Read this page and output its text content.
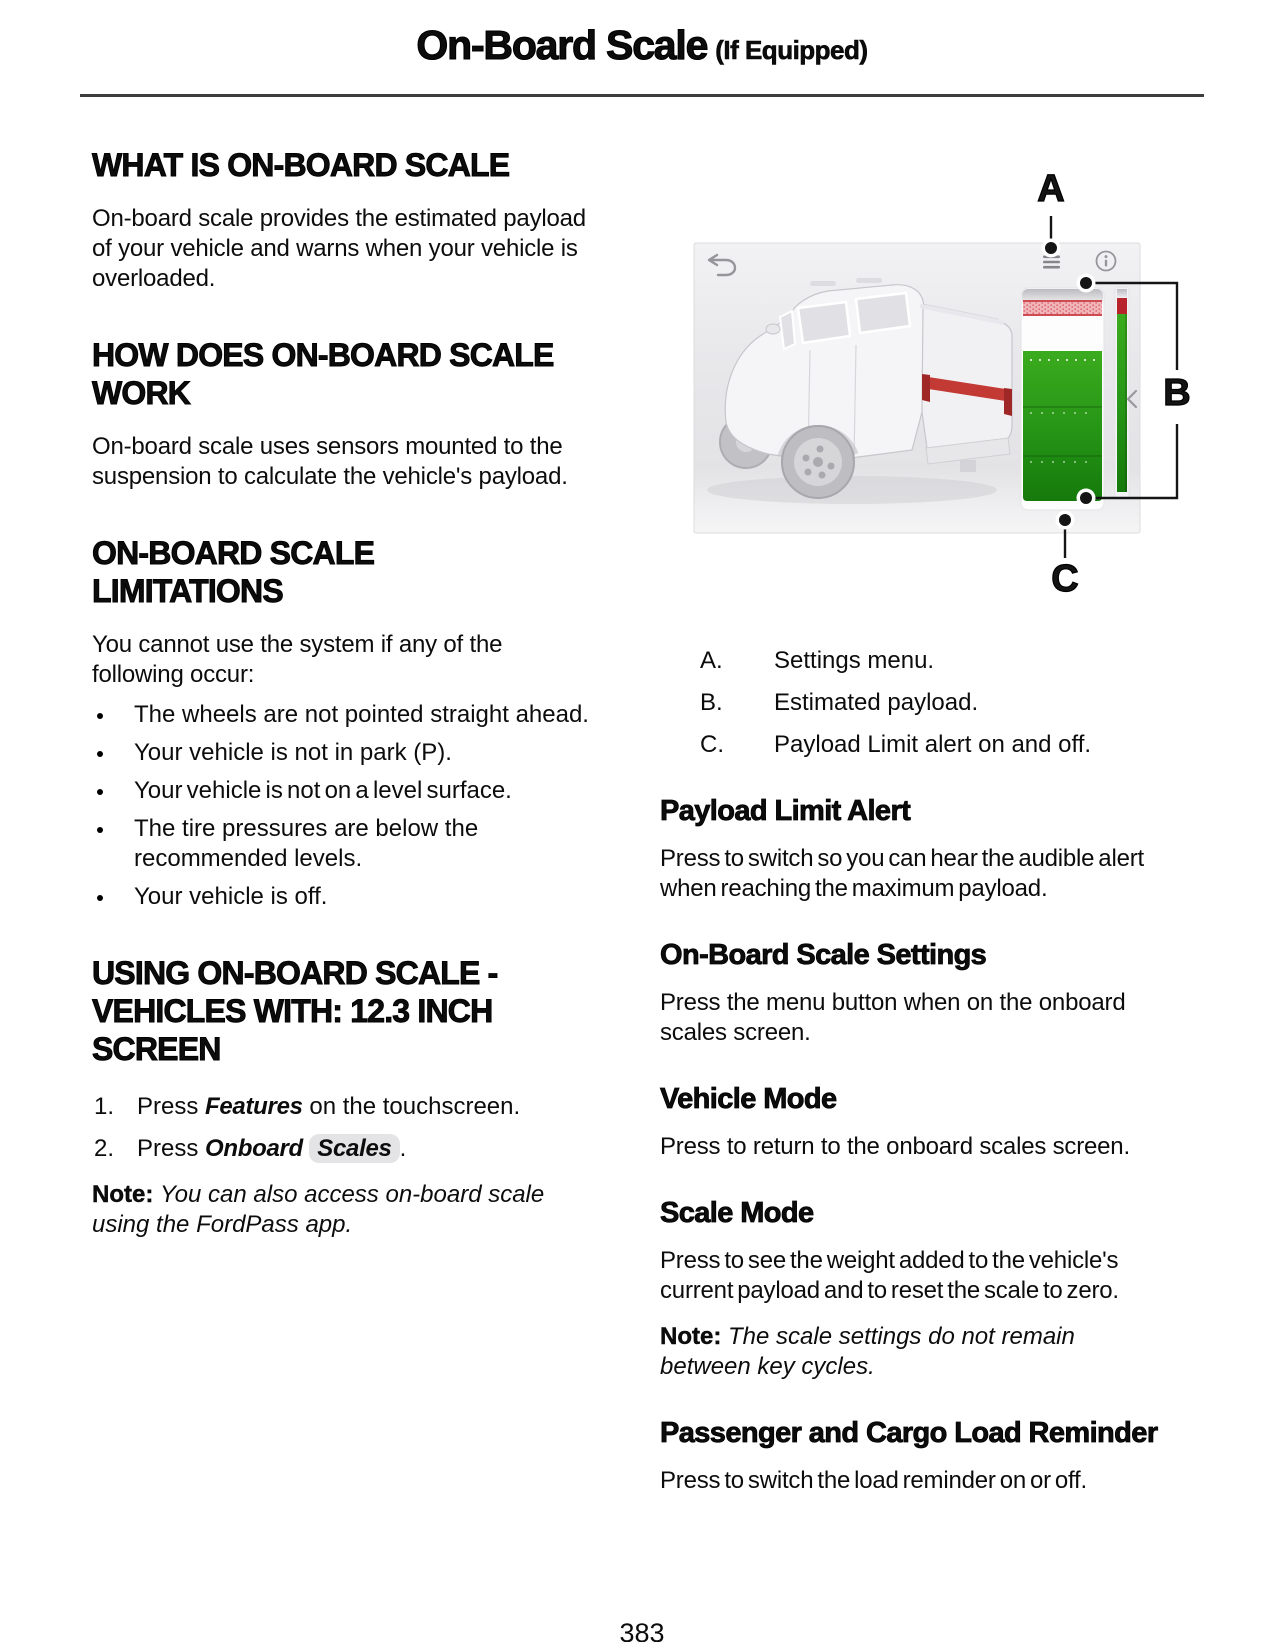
On-Board Scale (If Equipped)
WHAT IS ON-BOARD SCALE

On-board scale provides the estimated payload of your vehicle and warns when your vehicle is overloaded.

HOW DOES ON-BOARD SCALE WORK

On-board scale uses sensors mounted to the suspension to calculate the vehicle's payload.

ON-BOARD SCALE LIMITATIONS

You cannot use the system if any of the following occur:

The wheels are not pointed straight ahead.
Your vehicle is not in park (P).
Your vehicle is not on a level surface.
The tire pressures are below the recommended levels.
Your vehicle is off.
USING ON-BOARD SCALE - VEHICLES WITH: 12.3 INCH SCREEN
1. Press Features on the touchscreen.
2. Press Onboard Scales .

Note: You can also access on-board scale using the FordPass app.

A
B
C
A.	Settings menu.
B.	Estimated payload.
C.	Payload Limit alert on and off.
Payload Limit Alert

Press to switch so you can hear the audible alert when reaching the maximum payload.

On-Board Scale Settings

Press the menu button when on the onboard scales screen.

Vehicle Mode

Press to return to the onboard scales screen.

Scale Mode

Press to see the weight added to the vehicle's current payload and to reset the scale to zero.

Note: The scale settings do not remain between key cycles.

Passenger and Cargo Load Reminder

Press to switch the load reminder on or off.

383
